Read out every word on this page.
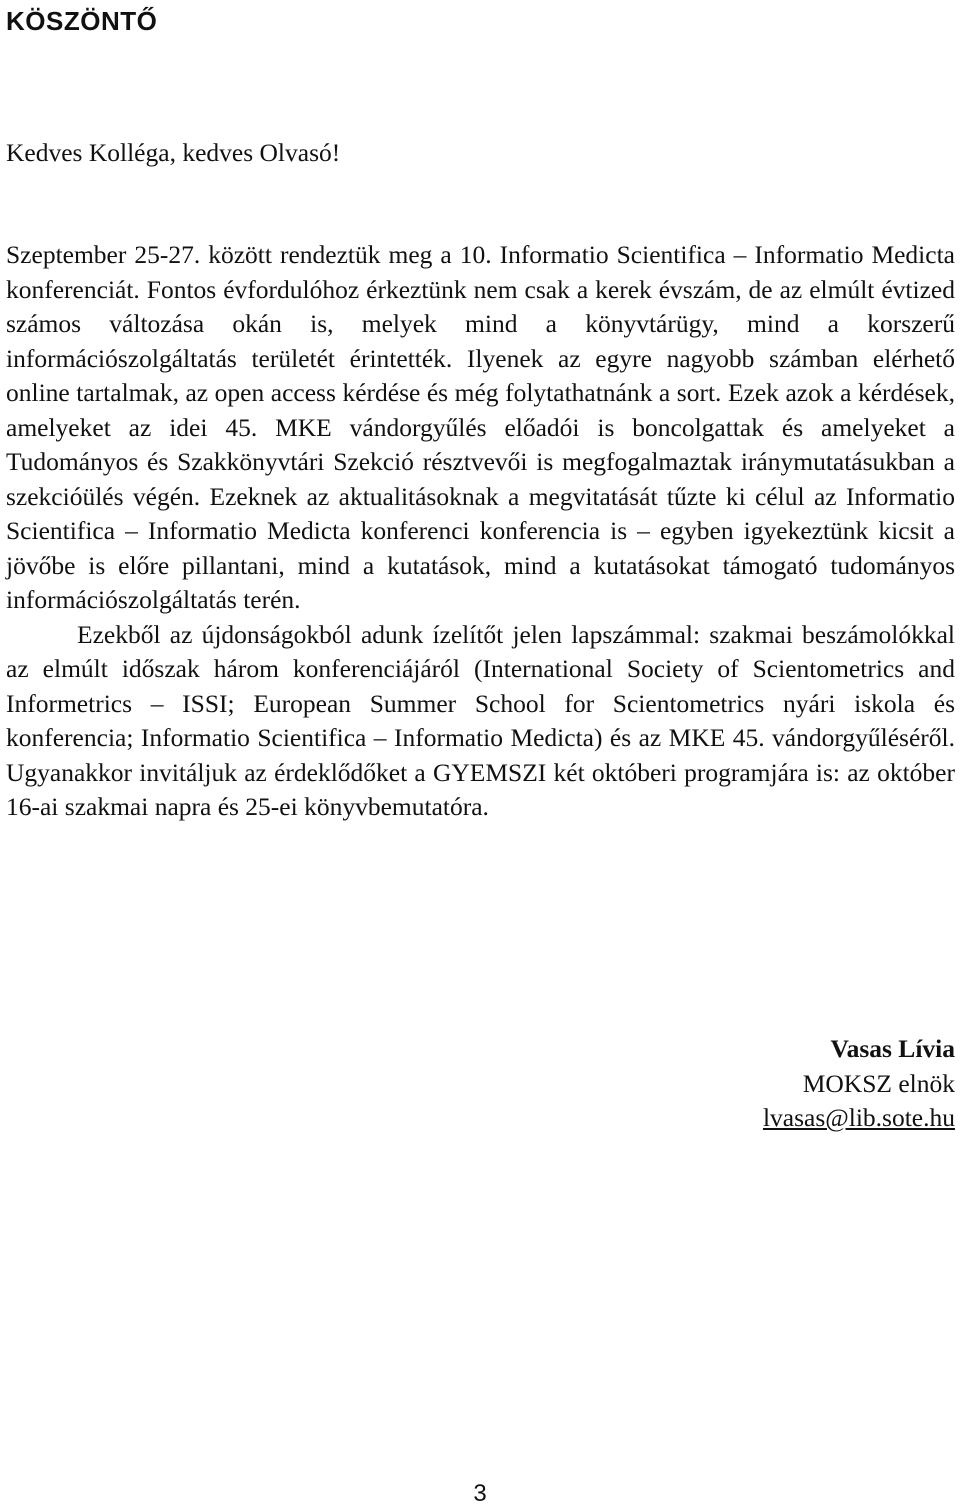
KÖSZÖNTŐ

Kedves Kolléga, kedves Olvasó!

Szeptember 25-27. között rendeztük meg a 10. Informatio Scientifica – Informatio Medicta konferenciát. Fontos évfordulóhoz érkeztünk nem csak a kerek évszám, de az elmúlt évtized számos változása okán is, melyek mind a könyvtárügy, mind a korszerű információszolgáltatás területét érintették. Ilyenek az egyre nagyobb számban elérhető online tartalmak, az open access kérdése és még folytathatnánk a sort. Ezek azok a kérdések, amelyeket az idei 45. MKE vándorgyűlés előadói is boncolgattak és amelyeket a Tudományos és Szakkönyvtári Szekció résztvevői is megfogalmaztak iránymutatásukban a szekcióülés végén. Ezeknek az aktualitásoknak a megvitatását tűzte ki célul az Informatio Scientifica – Informatio Medicta konferenci konferencia is – egyben igyekeztünk kicsit a jövőbe is előre pillantani, mind a kutatások, mind a kutatásokat támogató tudományos információszolgáltatás terén.

Ezekből az újdonságokból adunk ízelítőt jelen lapszámmal: szakmai beszámolókkal az elmúlt időszak három konferenciájáról (International Society of Scientometrics and Informetrics – ISSI; European Summer School for Scientometrics nyári iskola és konferencia; Informatio Scientifica – Informatio Medicta) és az MKE 45. vándorgyűléséről. Ugyanakkor invitáljuk az érdeklődőket a GYEMSZI két októberi programjára is: az október 16-ai szakmai napra és 25-ei könyvbemutatóra.

Vasas Lívia
MOKSZ elnök
lvasas@lib.sote.hu
3
